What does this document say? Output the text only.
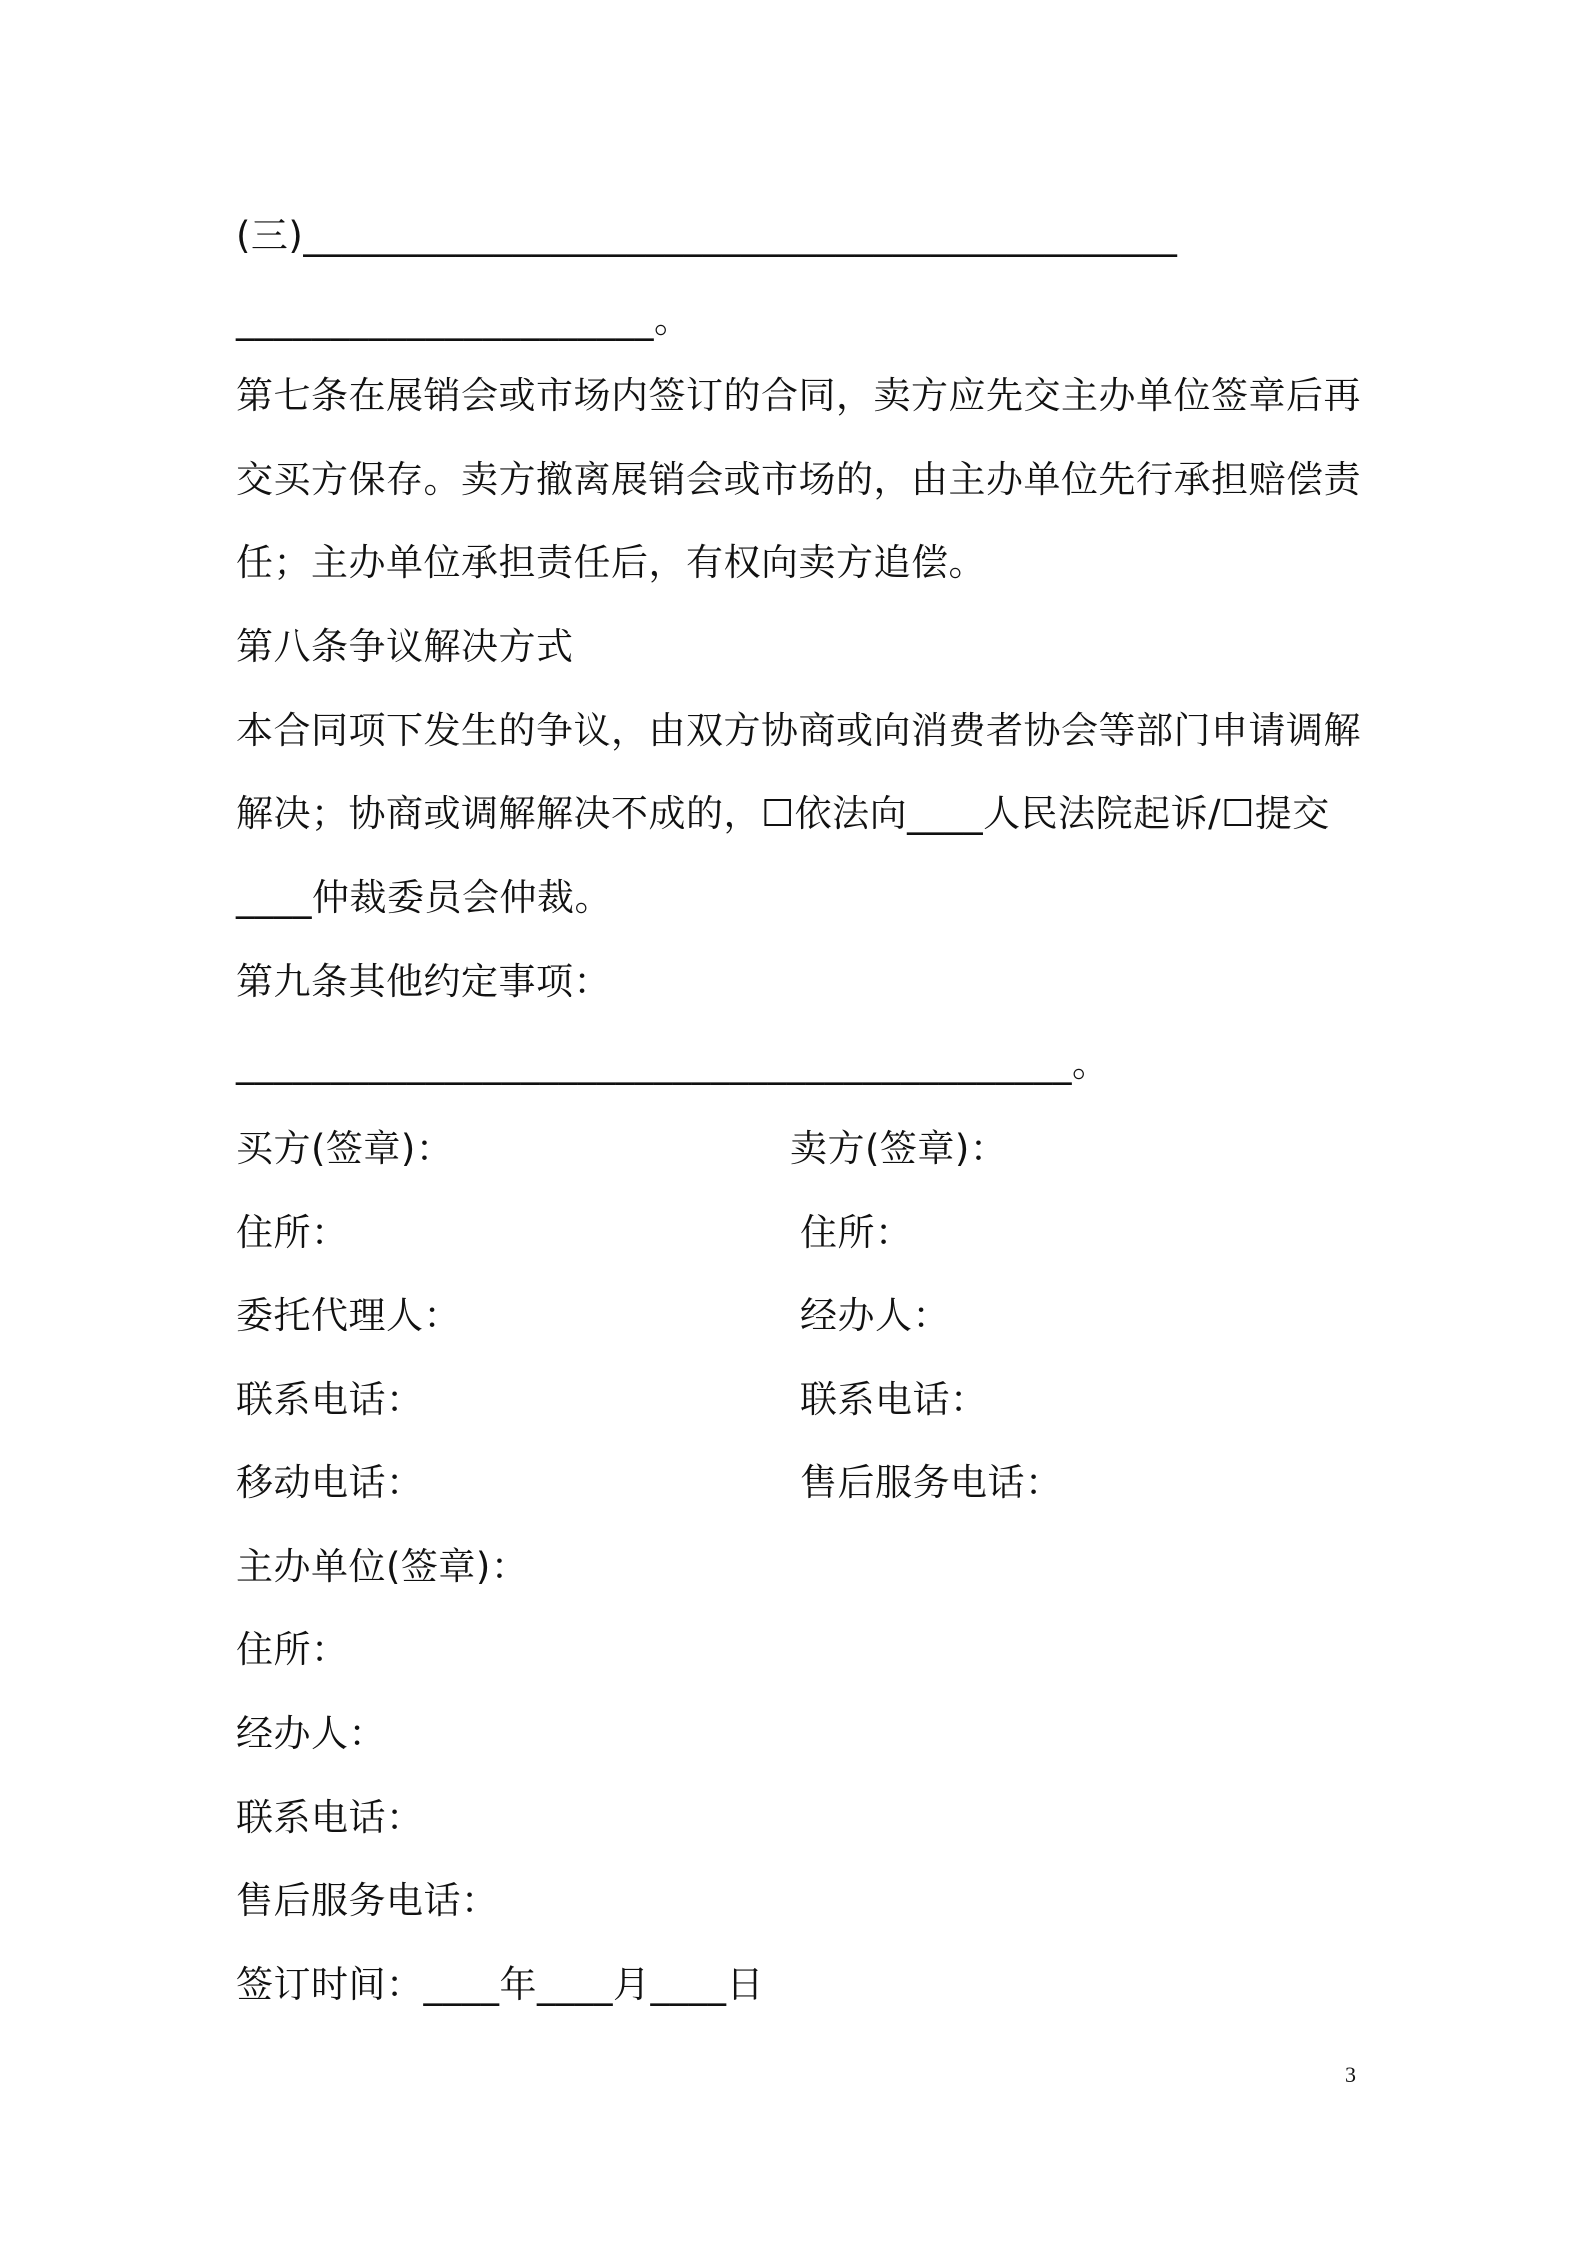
(三)______________________________________________
______________________。
第七条在展销会或市场内签订的合同，卖方应先交主办单位签章后再
交买方保存。卖方撤离展销会或市场的，由主办单位先行承担赔偿责
任；主办单位承担责任后，有权向卖方追偿。
第八条争议解决方式
本合同项下发生的争议，由双方协商或向消费者协会等部门申请调解
解决；协商或调解解决不成的，☐依法向____人民法院起诉/☐提交
____仲裁委员会仲裁。
第九条其他约定事项：
____________________________________________。
买方(签章)：
住所：
委托代理人：
联系电话：
移动电话：
卖方(签章)：
住所：
经办人：
联系电话：
售后服务电话：
主办单位(签章)：
住所：
经办人：
联系电话：
售后服务电话：
签订时间：____年____月____日
3
